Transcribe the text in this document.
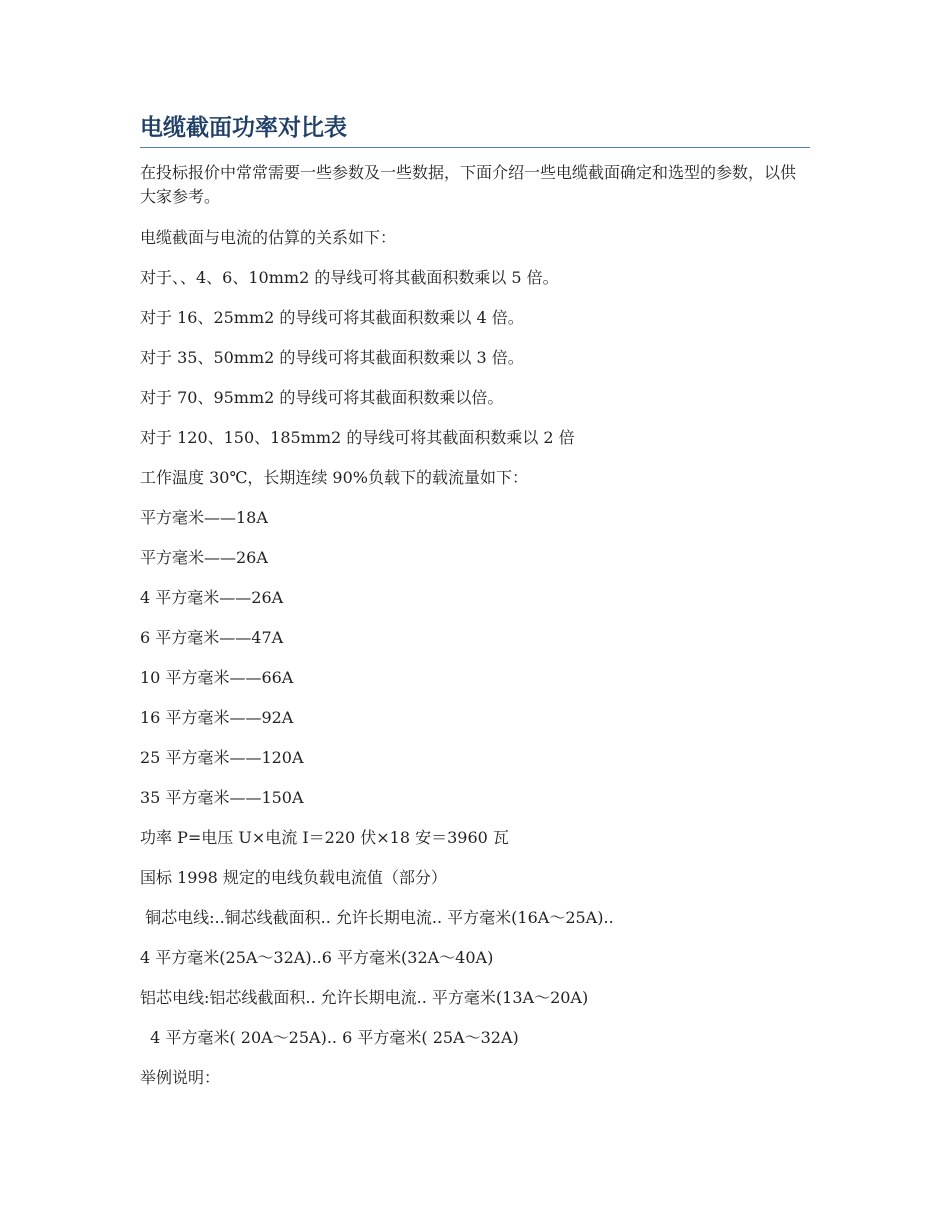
电缆截面功率对比表

在投标报价中常常需要一些参数及一些数据，下面介绍一些电缆截面确定和选型的参数，以供大家参考。

电缆截面与电流的估算的关系如下：

对于、、4、6、10mm2 的导线可将其截面积数乘以 5 倍。

对于 16、25mm2 的导线可将其截面积数乘以 4 倍。

对于 35、50mm2 的导线可将其截面积数乘以 3 倍。

对于 70、95mm2 的导线可将其截面积数乘以倍。

对于 120、150、185mm2 的导线可将其截面积数乘以 2 倍

工作温度 30℃，长期连续 90%负载下的载流量如下：

平方毫米——18A

平方毫米——26A

4 平方毫米——26A

6 平方毫米——47A

10 平方毫米——66A

16 平方毫米——92A

25 平方毫米——120A

35 平方毫米——150A

功率 P=电压 U×电流 I＝220 伏×18 安＝3960 瓦

国标 1998 规定的电线负载电流值（部分）

铜芯电线:..铜芯线截面积.. 允许长期电流.. 平方毫米(16A～25A)..

4 平方毫米(25A～32A)..6 平方毫米(32A～40A)

铝芯电线:铝芯线截面积.. 允许长期电流.. 平方毫米(13A～20A)

4 平方毫米( 20A～25A).. 6 平方毫米( 25A～32A)

举例说明：
